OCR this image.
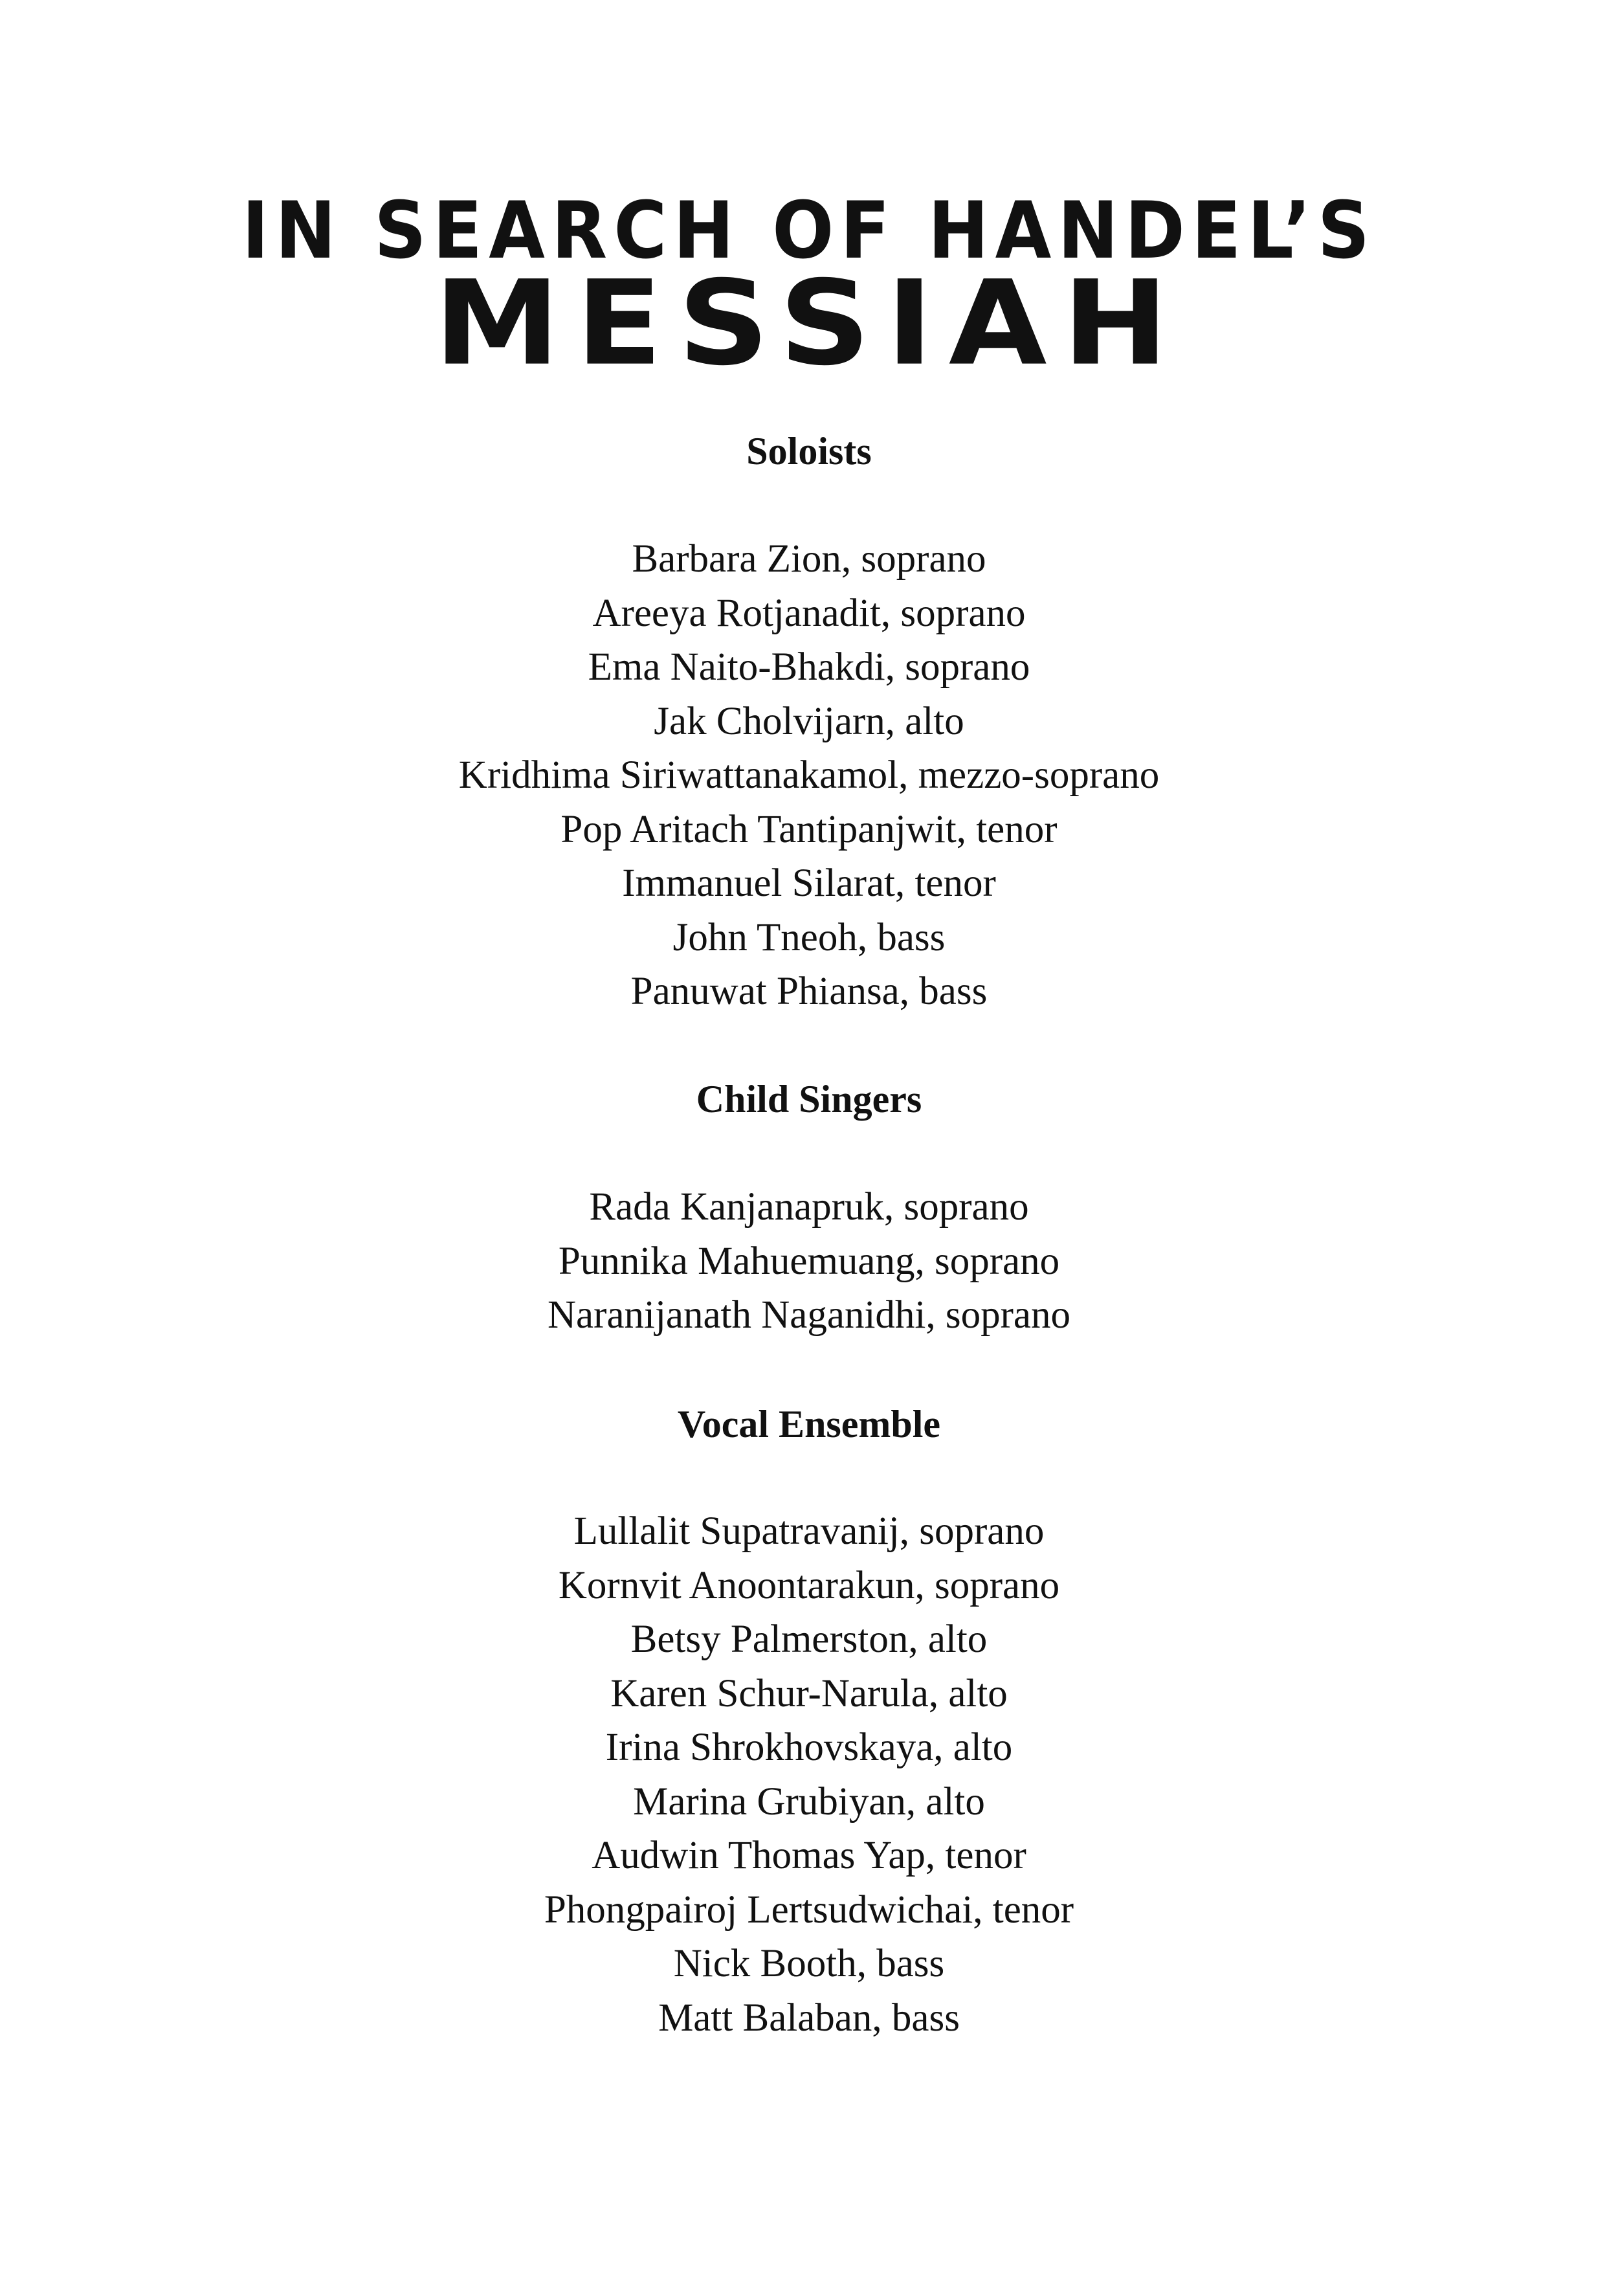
IN SEARCH OF HANDEL’S
MESSIAH
Soloists
Barbara Zion, soprano
Areeya Rotjanadit, soprano
Ema Naito-Bhakdi, soprano
Jak Cholvijarn, alto
Kridhima Siriwattanakamol, mezzo-soprano
Pop Aritach Tantipanjwit, tenor
Immanuel Silarat, tenor
John Tneoh, bass
Panuwat Phiansa, bass
Child Singers
Rada Kanjanapruk, soprano
Punnika Mahuemuang, soprano
Naranijanath Naganidhi, soprano
Vocal Ensemble
Lullalit Supatravanij, soprano
Kornvit Anoontarakun, soprano
Betsy Palmerston, alto
Karen Schur-Narula, alto
Irina Shrokhovskaya, alto
Marina Grubiyan, alto
Audwin Thomas Yap, tenor
Phongpairoj Lertsudwichai, tenor
Nick Booth, bass
Matt Balaban, bass
